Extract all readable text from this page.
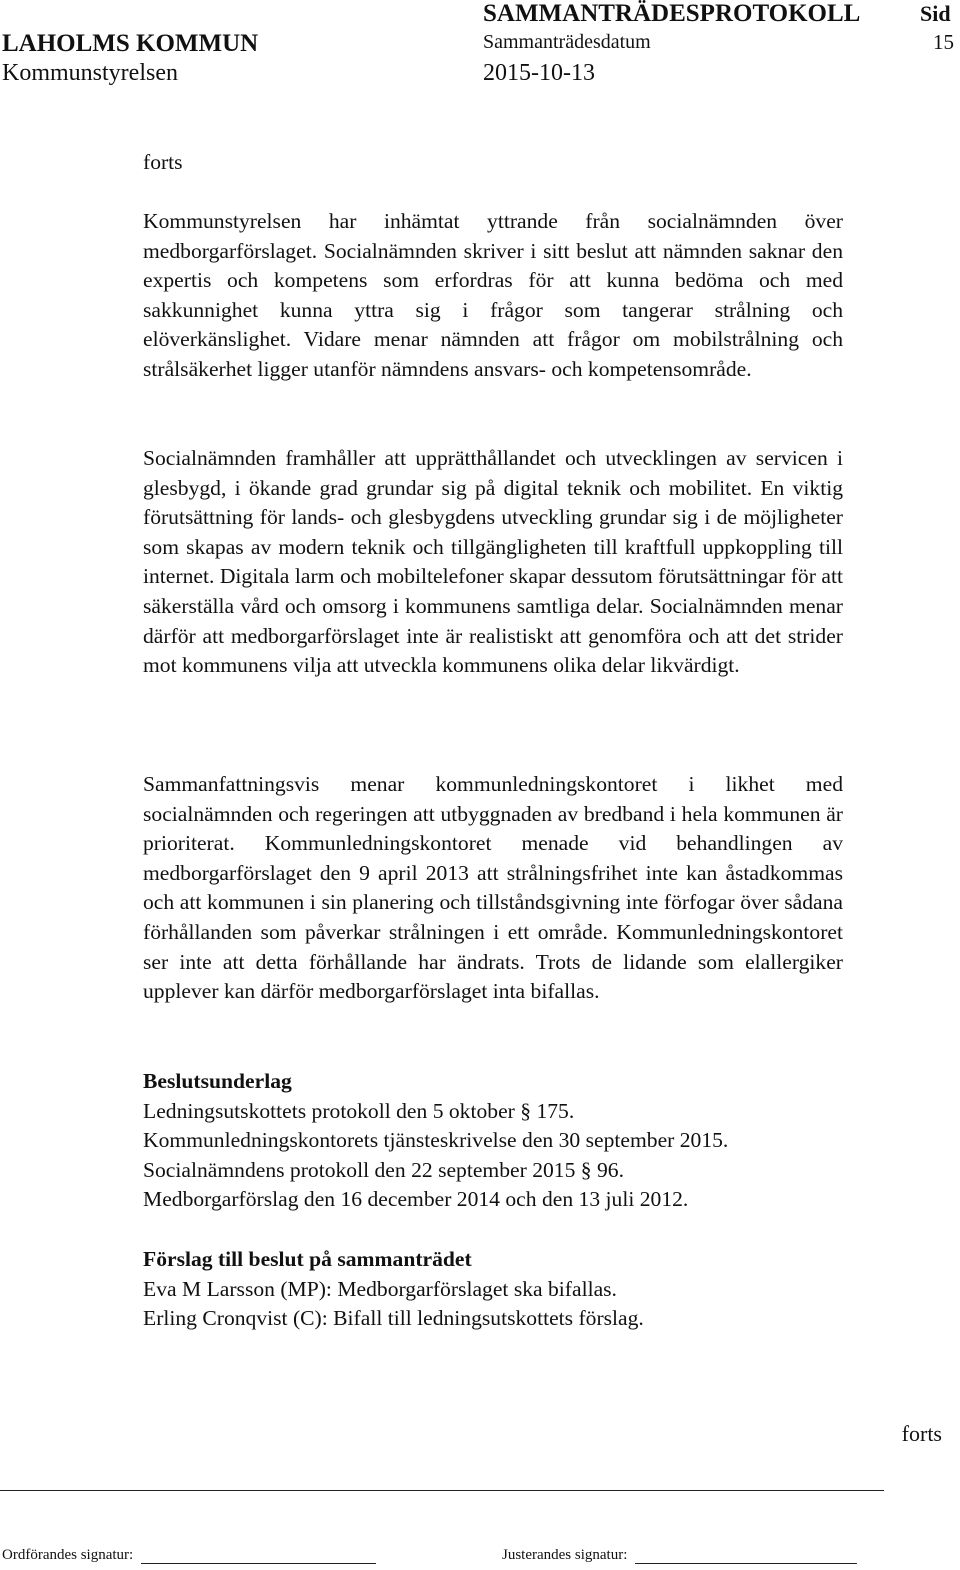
LAHOLMS KOMMUN
Kommunstyrelsen
SAMMANTRÄDESPROTOKOLL
Sammanträdesdatum
2015-10-13
Sid
15

forts

Kommunstyrelsen har inhämtat yttrande från socialnämnden över medborgarförslaget. Socialnämnden skriver i sitt beslut att nämnden saknar den expertis och kompetens som erfordras för att kunna bedöma och med sakkunnighet kunna yttra sig i frågor som tangerar strålning och elöverkänslighet. Vidare menar nämnden att frågor om mobilstrålning och strålsäkerhet ligger utanför nämndens ansvars- och kompetensområde.

Socialnämnden framhåller att upprätthållandet och utvecklingen av servicen i glesbygd, i ökande grad grundar sig på digital teknik och mobilitet. En viktig förutsättning för lands- och glesbygdens utveckling grundar sig i de möjligheter som skapas av modern teknik och tillgängligheten till kraftfull uppkoppling till internet. Digitala larm och mobiltelefoner skapar dessutom förutsättningar för att säkerställa vård och omsorg i kommunens samtliga delar. Socialnämnden menar därför att medborgarförslaget inte är realistiskt att genomföra och att det strider mot kommunens vilja att utveckla kommunens olika delar likvärdigt.

Sammanfattningsvis menar kommunledningskontoret i likhet med socialnämnden och regeringen att utbyggnaden av bredband i hela kommunen är prioriterat. Kommunledningskontoret menade vid behandlingen av medborgarförslaget den 9 april 2013 att strålningsfrihet inte kan åstadkommas och att kommunen i sin planering och tillståndsgivning inte förfogar över sådana förhållanden som påverkar strålningen i ett område. Kommunledningskontoret ser inte att detta förhållande har ändrats. Trots de lidande som elallergiker upplever kan därför medborgarförslaget inta bifallas.

Beslutsunderlag

Ledningsutskottets protokoll den 5 oktober § 175.

Kommunledningskontorets tjänsteskrivelse den 30 september 2015.

Socialnämndens protokoll den 22 september 2015 § 96.

Medborgarförslag den 16 december 2014 och den 13 juli 2012.

Förslag till beslut på sammanträdet

Eva M Larsson (MP): Medborgarförslaget ska bifallas.

Erling Cronqvist (C): Bifall till ledningsutskottets förslag.

forts
Ordförandes signatur:	Justerandes signatur:
